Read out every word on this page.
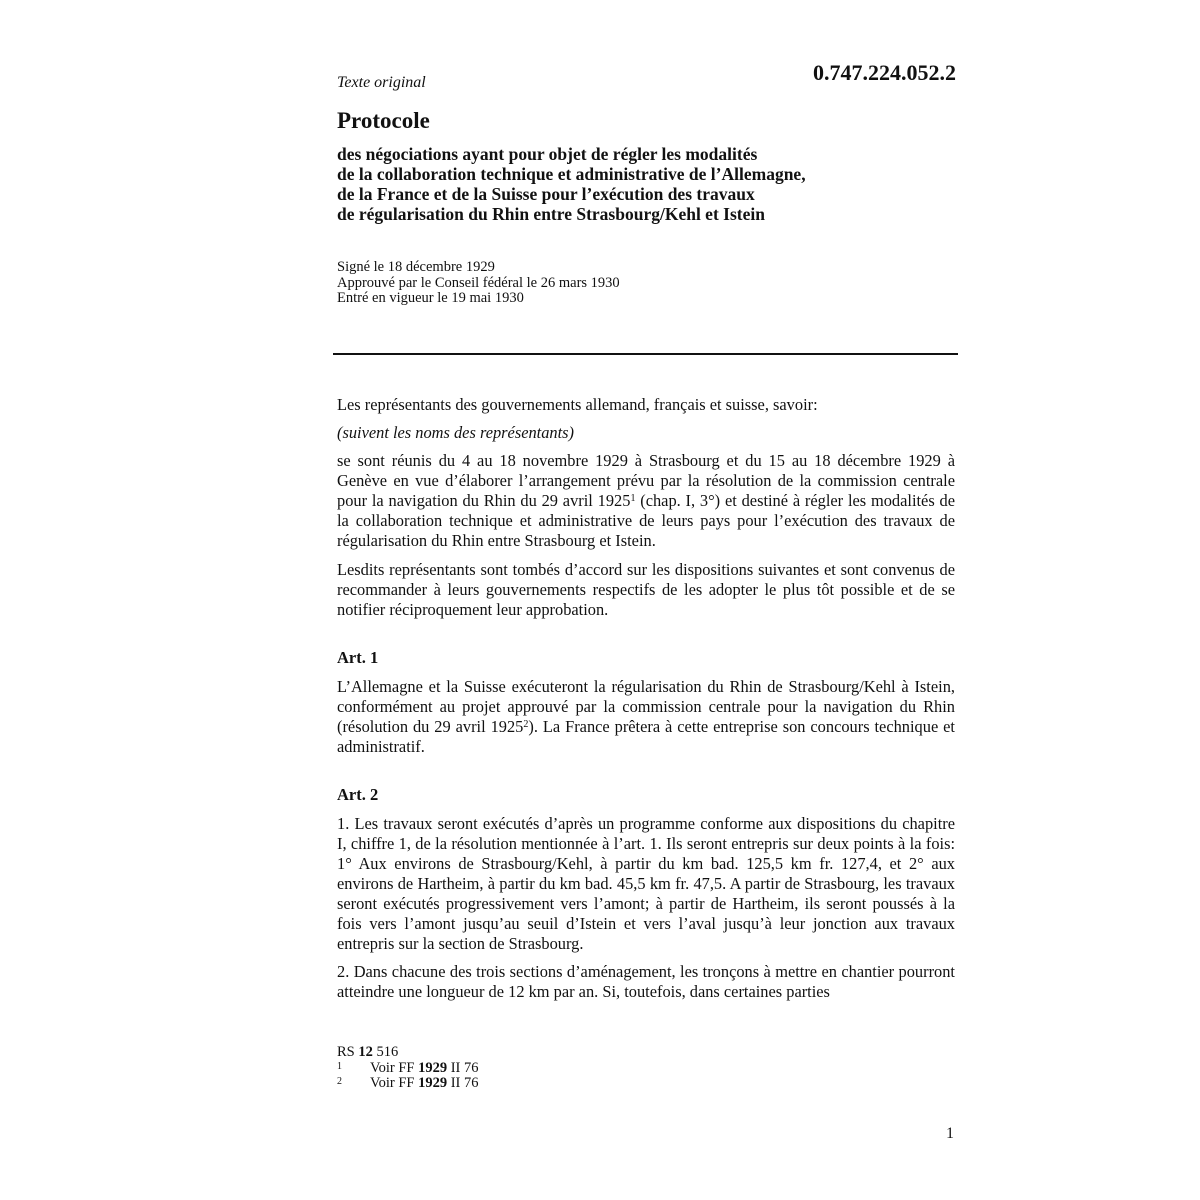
0.747.224.052.2
Texte original
Protocole
des négociations ayant pour objet de régler les modalités
de la collaboration technique et administrative de l’Allemagne,
de la France et de la Suisse pour l’exécution des travaux
de régularisation du Rhin entre Strasbourg/Kehl et Istein
Signé le 18 décembre 1929
Approuvé par le Conseil fédéral le 26 mars 1930
Entré en vigueur le 19 mai 1930
Les représentants des gouvernements allemand, français et suisse, savoir:
(suivent les noms des représentants)
se sont réunis du 4 au 18 novembre 1929 à Strasbourg et du 15 au 18 décembre 1929 à Genève en vue d’élaborer l’arrangement prévu par la résolution de la commission centrale pour la navigation du Rhin du 29 avril 1925$^1$ (chap. I, 3°) et destiné à régler les modalités de la collaboration technique et administrative de leurs pays pour l’exécution des travaux de régularisation du Rhin entre Strasbourg et Istein.
Lesdits représentants sont tombés d’accord sur les dispositions suivantes et sont convenus de recommander à leurs gouvernements respectifs de les adopter le plus tôt possible et de se notifier réciproquement leur approbation.
Art. 1
L’Allemagne et la Suisse exécuteront la régularisation du Rhin de Strasbourg/Kehl à Istein, conformément au projet approuvé par la commission centrale pour la navigation du Rhin (résolution du 29 avril 1925$^2$). La France prêtera à cette entreprise son concours technique et administratif.
Art. 2
1. Les travaux seront exécutés d’après un programme conforme aux dispositions du chapitre I, chiffre 1, de la résolution mentionnée à l’art. 1. Ils seront entrepris sur deux points à la fois: 1° Aux environs de Strasbourg/Kehl, à partir du km bad. 125,5 km fr. 127,4, et 2° aux environs de Hartheim, à partir du km bad. 45,5 km fr. 47,5. A partir de Strasbourg, les travaux seront exécutés progressivement vers l’amont; à partir de Hartheim, ils seront poussés à la fois vers l’amont jusqu’au seuil d’Istein et vers l’aval jusqu’à leur jonction aux travaux entrepris sur la section de Strasbourg.
2. Dans chacune des trois sections d’aménagement, les tronçons à mettre en chantier pourront atteindre une longueur de 12 km par an. Si, toutefois, dans certaines parties
RS 12 516
1	Voir FF 1929 II 76
2	Voir FF 1929 II 76
1
